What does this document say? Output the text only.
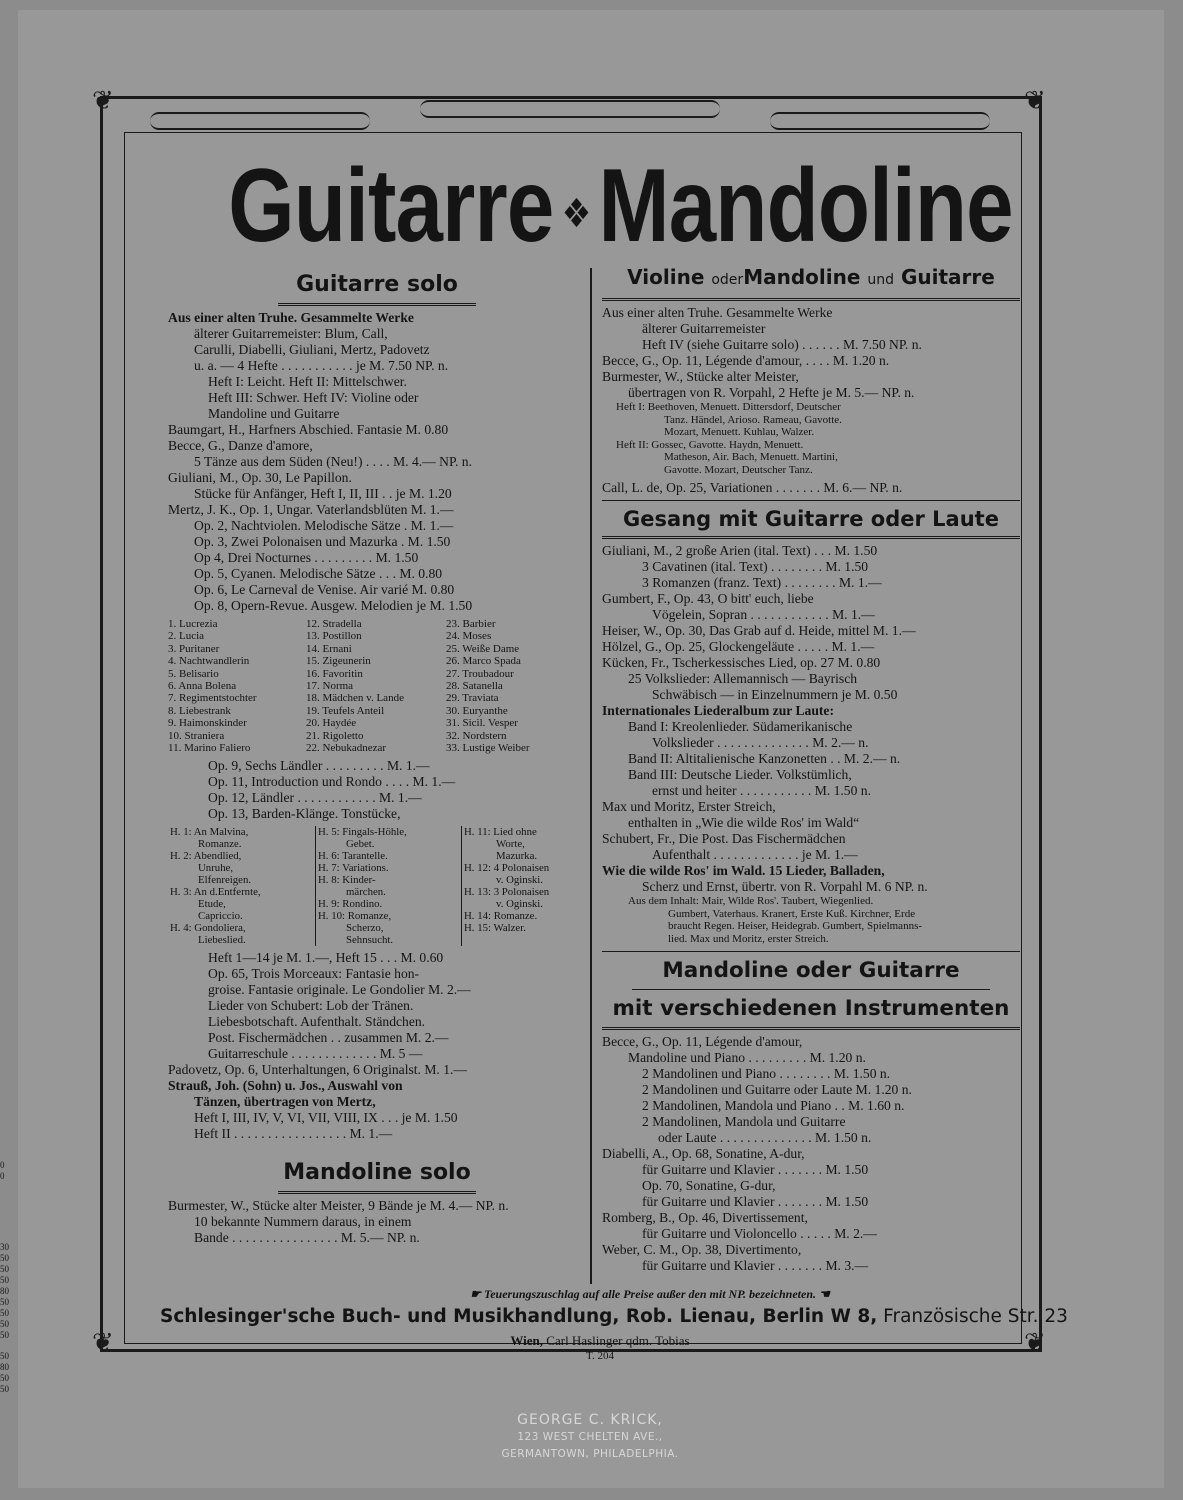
❦	❦
❦	❦
Guitarre ❖Mandoline
Guitarre solo
Aus einer alten Truhe. Gesammelte Werke
älterer Guitarremeister: Blum, Call,
Carulli, Diabelli, Giuliani, Mertz, Padovetz
u. a. — 4 Hefte . . . . . . . . . . . je M. 7.50 NP. n.
Heft I: Leicht. Heft II: Mittelschwer.
Heft III: Schwer. Heft IV: Violine oder
Mandoline und Guitarre
Baumgart, H., Harfners Abschied. Fantasie M. 0.80
Becce, G., Danze d'amore,
5 Tänze aus dem Süden (Neu!) . . . . M. 4.— NP. n.
Giuliani, M., Op. 30, Le Papillon.
Stücke für Anfänger, Heft I, II, III . . je M. 1.20
Mertz, J. K., Op. 1, Ungar. Vaterlandsblüten M. 1.—
Op. 2, Nachtviolen. Melodische Sätze . M. 1.—
Op. 3, Zwei Polonaisen und Mazurka . M. 1.50
Op 4, Drei Nocturnes . . . . . . . . . M. 1.50
Op. 5, Cyanen. Melodische Sätze . . . M. 0.80
Op. 6, Le Carneval de Venise. Air varié M. 0.80
Op. 8, Opern-Revue. Ausgew. Melodien je M. 1.50
1. Lucrezia	12. Stradella	23. Barbier
2. Lucia	13. Postillon	24. Moses
3. Puritaner	14. Ernani	25. Weiße Dame
4. Nachtwandlerin	15. Zigeunerin	26. Marco Spada
5. Belisario	16. Favoritin	27. Troubadour
6. Anna Bolena	17. Norma	28. Satanella
7. Regimentstochter	18. Mädchen v. Lande	29. Traviata
8. Liebestrank	19. Teufels Anteil	30. Euryanthe
9. Haimonskinder	20. Haydée	31. Sicil. Vesper
10. Straniera	21. Rigoletto	32. Nordstern
11. Marino Faliero	22. Nebukadnezar	33. Lustige Weiber
Op. 9, Sechs Ländler . . . . . . . . . M. 1.—
Op. 11, Introduction und Rondo . . . . M. 1.—
Op. 12, Ländler . . . . . . . . . . . . M. 1.—
Op. 13, Barden-Klänge. Tonstücke,
H. 1: An Malvina,
Romanze.
H. 2: Abendlied,
Unruhe,
Elfenreigen.
H. 3: An d.Entfernte,
Etude,
Capriccio.
H. 4: Gondoliera,
Liebeslied.
H. 5: Fingals-Höhle,
Gebet.
H. 6: Tarantelle.
H. 7: Variations.
H. 8: Kinder-
märchen.
H. 9: Rondino.
H. 10: Romanze,
Scherzo,
Sehnsucht.
H. 11: Lied ohne
Worte,
Mazurka.
H. 12: 4 Polonaisen
v. Oginski.
H. 13: 3 Polonaisen
v. Oginski.
H. 14: Romanze.
H. 15: Walzer.
Heft 1—14 je M. 1.—, Heft 15 . . . M. 0.60
Op. 65, Trois Morceaux: Fantasie hon-
groise. Fantasie originale. Le Gondolier M. 2.—
Lieder von Schubert: Lob der Tränen.
Liebesbotschaft. Aufenthalt. Ständchen.
Post. Fischermädchen . . zusammen M. 2.—
Guitarreschule . . . . . . . . . . . . . M. 5 —
Padovetz, Op. 6, Unterhaltungen, 6 Originalst. M. 1.—
Strauß, Joh. (Sohn) u. Jos., Auswahl von
Tänzen, übertragen von Mertz,
Heft I, III, IV, V, VI, VII, VIII, IX . . . je M. 1.50
Heft II . . . . . . . . . . . . . . . . . M. 1.—
Mandoline solo
Burmester, W., Stücke alter Meister, 9 Bände je M. 4.— NP. n.
10 bekannte Nummern daraus, in einem
Bande . . . . . . . . . . . . . . . . M. 5.— NP. n.
Violine oderMandoline und Guitarre
Aus einer alten Truhe. Gesammelte Werke
älterer Guitarremeister
Heft IV (siehe Guitarre solo) . . . . . . M. 7.50 NP. n.
Becce, G., Op. 11, Légende d'amour, . . . . M. 1.20 n.
Burmester, W., Stücke alter Meister,
übertragen von R. Vorpahl, 2 Hefte je M. 5.— NP. n.
Heft I: Beethoven, Menuett. Dittersdorf, Deutscher
Tanz. Händel, Arioso. Rameau, Gavotte.
Mozart, Menuett. Kuhlau, Walzer.
Heft II: Gossec, Gavotte. Haydn, Menuett.
Matheson, Air. Bach, Menuett. Martini,
Gavotte. Mozart, Deutscher Tanz.
Call, L. de, Op. 25, Variationen . . . . . . . M. 6.— NP. n.
Gesang mit Guitarre oder Laute
Giuliani, M., 2 große Arien (ital. Text) . . . M. 1.50
3 Cavatinen (ital. Text) . . . . . . . . M. 1.50
3 Romanzen (franz. Text) . . . . . . . . M. 1.—
Gumbert, F., Op. 43, O bitt' euch, liebe
Vögelein, Sopran . . . . . . . . . . . . M. 1.—
Heiser, W., Op. 30, Das Grab auf d. Heide, mittel M. 1.—
Hölzel, G., Op. 25, Glockengeläute . . . . . M. 1.—
Kücken, Fr., Tscherkessisches Lied, op. 27 M. 0.80
25 Volkslieder: Allemannisch — Bayrisch
Schwäbisch — in Einzelnummern je M. 0.50
Internationales Liederalbum zur Laute:
Band I: Kreolenlieder. Südamerikanische
Volkslieder . . . . . . . . . . . . . . M. 2.— n.
Band II: Altitalienische Kanzonetten . . M. 2.— n.
Band III: Deutsche Lieder. Volkstümlich,
ernst und heiter . . . . . . . . . . . M. 1.50 n.
Max und Moritz, Erster Streich,
enthalten in „Wie die wilde Ros' im Wald“
Schubert, Fr., Die Post. Das Fischermädchen
Aufenthalt . . . . . . . . . . . . . je M. 1.—
Wie die wilde Ros' im Wald. 15 Lieder, Balladen,
Scherz und Ernst, übertr. von R. Vorpahl M. 6 NP. n.
Aus dem Inhalt: Mair, Wilde Ros'. Taubert, Wiegenlied.
Gumbert, Vaterhaus. Kranert, Erste Kuß. Kirchner, Erde
braucht Regen. Heiser, Heidegrab. Gumbert, Spielmanns-
lied. Max und Moritz, erster Streich.
Mandoline oder Guitarre
mit verschiedenen Instrumenten
Becce, G., Op. 11, Légende d'amour,
Mandoline und Piano . . . . . . . . . M. 1.20 n.
2 Mandolinen und Piano . . . . . . . . M. 1.50 n.
2 Mandolinen und Guitarre oder Laute M. 1.20 n.
2 Mandolinen, Mandola und Piano . . M. 1.60 n.
2 Mandolinen, Mandola und Guitarre
oder Laute . . . . . . . . . . . . . . M. 1.50 n.
Diabelli, A., Op. 68, Sonatine, A-dur,
für Guitarre und Klavier . . . . . . . M. 1.50
Op. 70, Sonatine, G-dur,
für Guitarre und Klavier . . . . . . . M. 1.50
Romberg, B., Op. 46, Divertissement,
für Guitarre und Violoncello . . . . . M. 2.—
Weber, C. M., Op. 38, Divertimento,
für Guitarre und Klavier . . . . . . . M. 3.—
☛ Teuerungszuschlag auf alle Preise außer den mit NP. bezeichneten. ☚
Schlesinger'sche Buch- und Musikhandlung, Rob. Lienau, Berlin W 8, Französische Str. 23
Wien, Carl Haslinger qdm. Tobias
T. 204
GEORGE C. KRICK,
123 WEST CHELTEN AVE.,
GERMANTOWN, PHILADELPHIA.
0
0
30
50
50
50
80
50
50
50
50
50
80
50
50
